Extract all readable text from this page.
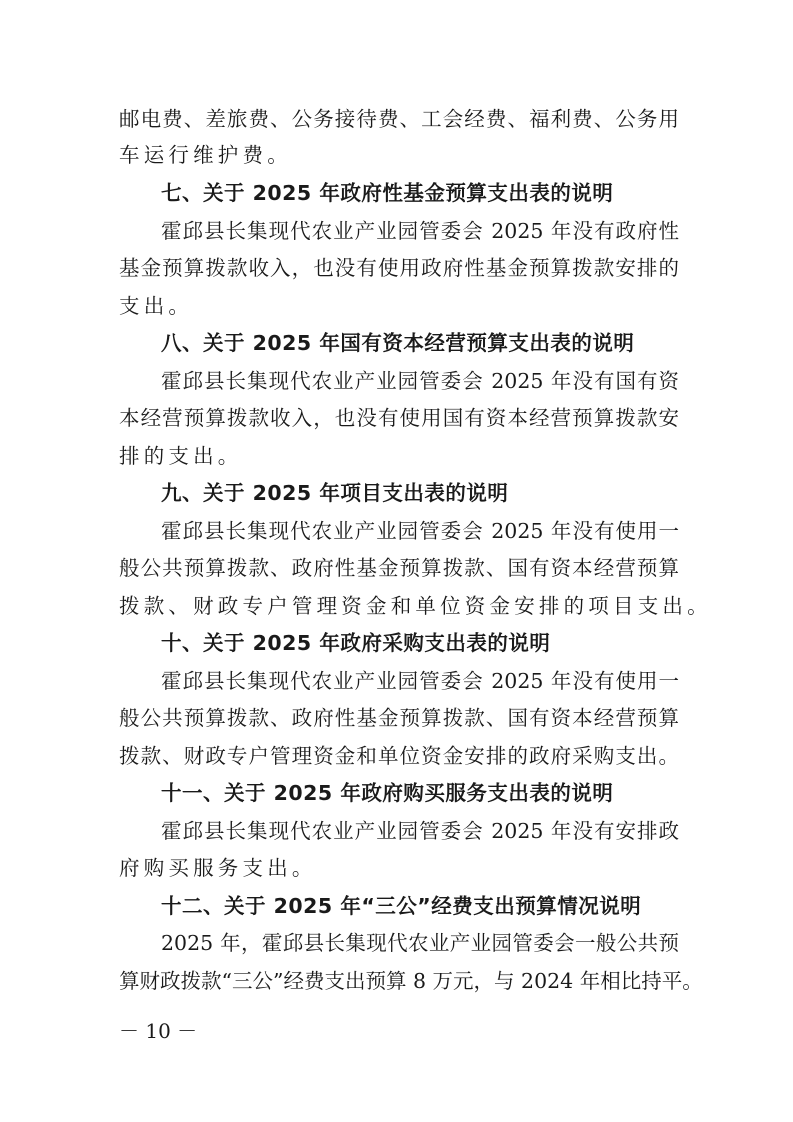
邮电费、差旅费、公务接待费、工会经费、福利费、公务用
车运行维护费。
七、关于 2025 年政府性基金预算支出表的说明
霍邱县长集现代农业产业园管委会 2025 年没有政府性
基金预算拨款收入，也没有使用政府性基金预算拨款安排的
支出。
八、关于 2025 年国有资本经营预算支出表的说明
霍邱县长集现代农业产业园管委会 2025 年没有国有资
本经营预算拨款收入，也没有使用国有资本经营预算拨款安
排的支出。
九、关于 2025 年项目支出表的说明
霍邱县长集现代农业产业园管委会 2025 年没有使用一
般公共预算拨款、政府性基金预算拨款、国有资本经营预算
拨款、财政专户管理资金和单位资金安排的项目支出。
十、关于 2025 年政府采购支出表的说明
霍邱县长集现代农业产业园管委会 2025 年没有使用一
般公共预算拨款、政府性基金预算拨款、国有资本经营预算
拨款、财政专户管理资金和单位资金安排的政府采购支出。
十一、关于 2025 年政府购买服务支出表的说明
霍邱县长集现代农业产业园管委会 2025 年没有安排政
府购买服务支出。
十二、关于 2025 年“三公”经费支出预算情况说明
2025 年，霍邱县长集现代农业产业园管委会一般公共预
算财政拨款“三公”经费支出预算 8 万元，与 2024 年相比持平。
－ 10 －
